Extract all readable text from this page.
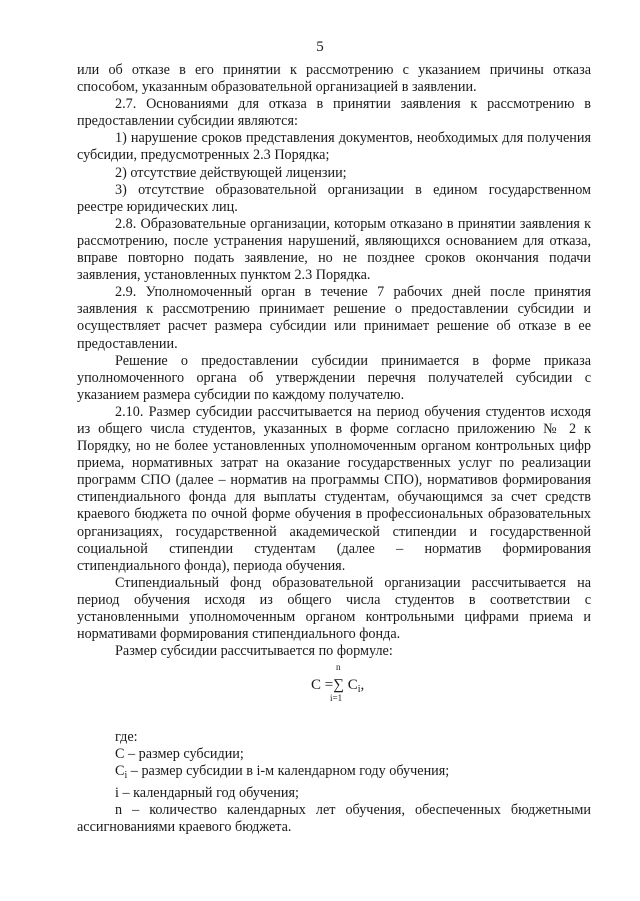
5

или об отказе в его принятии к рассмотрению с указанием причины отказа способом, указанным образовательной организацией в заявлении.

2.7. Основаниями для отказа в принятии заявления к рассмотрению в предоставлении субсидии являются:

1) нарушение сроков представления документов, необходимых для получения субсидии, предусмотренных 2.3 Порядка;

2) отсутствие действующей лицензии;

3) отсутствие образовательной организации в едином государственном реестре юридических лиц.

2.8. Образовательные организации, которым отказано в принятии заявления к рассмотрению, после устранения нарушений, являющихся основанием для отказа, вправе повторно подать заявление, но не позднее сроков окончания подачи заявления, установленных пунктом 2.3 Порядка.

2.9. Уполномоченный орган в течение 7 рабочих дней после принятия заявления к рассмотрению принимает решение о предоставлении субсидии и осуществляет расчет размера субсидии или принимает решение об отказе в ее предоставлении.

Решение о предоставлении субсидии принимается в форме приказа уполномоченного органа об утверждении перечня получателей субсидии с указанием размера субсидии по каждому получателю.

2.10. Размер субсидии рассчитывается на период обучения студентов исходя из общего числа студентов, указанных в форме согласно приложению № 2 к Порядку, но не более установленных уполномоченным органом контрольных цифр приема, нормативных затрат на оказание государственных услуг по реализации программ СПО (далее – норматив на программы СПО), нормативов формирования стипендиального фонда для выплаты студентам, обучающимся за счет средств краевого бюджета по очной форме обучения в профессиональных образовательных организациях, государственной академической стипендии и государственной социальной стипендии студентам (далее – норматив формирования стипендиального фонда), периода обучения.

Стипендиальный фонд образовательной организации рассчитывается на период обучения исходя из общего числа студентов в соответствии с установленными уполномоченным органом контрольными цифрами приема и нормативами формирования стипендиального фонда.

Размер субсидии рассчитывается по формуле:

n
С =∑ $С_i$,
i=1

где:

С – размер субсидии;

$С_i$ – размер субсидии в i-м календарном году обучения;

i – календарный год обучения;

n – количество календарных лет обучения, обеспеченных бюджетными ассигнованиями краевого бюджета.
